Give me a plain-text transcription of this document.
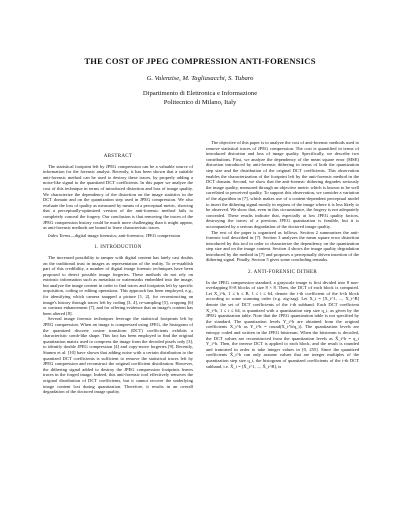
THE COST OF JPEG COMPRESSION ANTI-FORENSICS
G. Valenzise, M. Tagliasacchi, S. Tubaro
Dipartimento di Elettronica e Informazione
Politecnico di Milano, Italy
ABSTRACT

The statistical footprint left by JPEG compression can be a valuable source of information for the forensic analyst. Recently, it has been shown that a suitable anti-forensic method can be used to destroy these traces, by properly adding a noise-like signal to the quantized DCT coefficients. In this paper we analyze the cost of this technique in terms of introduced distortion and loss of image quality. We characterize the dependency of the distortion on the image statistics in the DCT domain and on the quantization step used in JPEG compression. We also evaluate the loss of quality as measured by means of a perceptual metric, showing that a perceptually-optimized version of the anti-forensic method fails to completely conceal the forgery. Our conclusion is that removing the traces of the JPEG compression history could be much more challenging than it might appear, as anti-forensic methods are bound to leave characteristic traces.

Index Terms—digital image forensics; anti-forensics; JPEG compression

1. INTRODUCTION

The increased possibility to tamper with digital content has lately cast doubts on the traditional trust in images as representation of the reality. To re-establish part of this credibility, a number of digital image forensic techniques have been proposed to detect possible image forgeries. These methods do not rely on extrinsic information such as metadata or watermarks embedded into the image, but analyze the image content in order to find traces and footprints left by specific acquisition, coding or editing operations. This approach has been employed, e.g., for identifying which camera snapped a picture [1, 2], for reconstructing an image's history through traces left by coding [3, 4], re-sampling [5], cropping [6] or contrast enhancement [7], and for offering evidence that an image's content has been altered [8].

Several image forensic techniques leverage the statistical footprints left by JPEG compression. When an image is compressed using JPEG, the histogram of the quantized discrete cosine transform (DCT) coefficients exhibits a characteristic comb-like shape. This fact has been employed to find the original quantization matrix used to compress the image from the decoded pixels only [3], to identify double JPEG compression [4] and copy-move forgeries [9]. Recently, Stamm et al. [10] have shown that adding noise with a certain distribution to the quantized DCT coefficients is sufficient to remove the statistical traces left by JPEG compression and reconstruct the original coefficient distribution. However, the dithering signal added to destroy the JPEG compression footprints leaves traces in the forged image. Indeed, this anti-forensic tool effectively removes the original distribution of DCT coefficients, but it cannot recover the underlying image content lost during quantization. Therefore, it results in an overall degradation of the doctored image quality.

The objective of this paper is to analyze the cost of anti-forensic methods used to remove statistical traces of JPEG compression. The cost is quantified in terms of introduced distortion and loss of image quality. Specifically, we describe two contributions. First, we analyze the dependency of the mean square error (MSE) distortion introduced by anti-forensic dithering in terms of both the quantization step size and the distribution of the original DCT coefficients. This observation enables the characterization of the footprint left by the anti-forensic method in the DCT domain. Second, we show that the anti-forensic dithering degrades seriously the image quality, measured through an objective metric which is known to be well correlated to perceived quality. To support this observation, we consider a variation of the algorithm in [7], which makes use of a content-dependent perceptual model to insert the dithering signal mostly in regions of the image where it is less likely to be observed. We show that, even in this circumstance, the forgery is not adequately concealed. These results indicate that, especially at low JPEG quality factors, destroying the traces of a previous JPEG quantization is feasible, but it is accompanied by a serious degradation of the doctored image quality.

The rest of the paper is organized as follows. Section 2 summarizes the anti-forensic tool described in [7]. Section 3 analyzes the mean square error distortion introduced by this tool in order to characterize the dependency on the quantization step size and on the image content. Section 4 shows the image quality degradation introduced by the method in [7] and proposes a perceptually driven insertion of the dithering signal. Finally, Section 5 gives some concluding remarks.

2. ANTI-FORENSIC DITHER

In the JPEG compression standard, a grayscale image is first divided into 8 non-overlapping 8×8 blocks of size 8 × 8. Then, the DCT of each block is computed. Let X_i^b, 1 ≤ b ≤ B, 1 ≤ i ≤ 64, denote the i-th coefficient of the b-th block according to some scanning order (e.g. zig-zag). Let X_i = [X_i^1, ..., X_i^B] denote the set of DCT coefficients of the i-th subband. Each DCT coefficient X_i^b, 1 ≤ i ≤ 64, is quantized with a quantization step size q_i, as given by the JPEG quantization table. Note that the JPEG quantization table is not specified by the standard. The quantization levels Y_i^b are obtained from the original coefficients X_i^b as Y_i^b = round(X_i^b/q_i). The quantization levels are entropy coded and written in the JPEG bitstream. When the bitstream is decoded, the DCT values are reconstructed from the quantization levels as X̃_i^b = q_i Y_i^b. Then, the inverse DCT is applied to each block, and the result is rounded and truncated in order to take integer values in [0, 255]. Since the quantized coefficients X̃_i^b can only assume values that are integer multiples of the quantization step size q_i, the histogram of quantized coefficients of the i-th DCT subband, i.e. X̃_i = [X̃_i^1, ..., X̃_i^B], is
